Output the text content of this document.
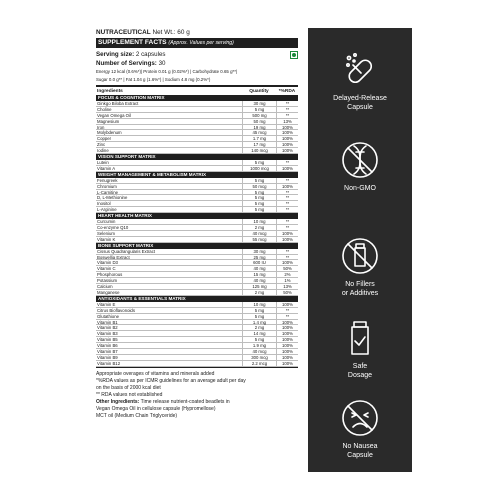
NUTRACEUTICAL Net Wt.: 60 g
SUPPLEMENT FACTS (Approx. Values per serving)
Serving size: 2 capsules
Number of Servings: 30
Energy 12 kcal (0.6%*)| Protein 0.01 g (0.02%*) | Carbohydrate 0.65 g**|
Sugar 0.0 g** | Fat 1.04 g (1.6%*) | Sodium 4.8 mg (0.2%*)
Ingredients	Quantity	*%RDA
FOCUS & COGNITION MATRIX
Ginkgo Biloba Extract	30 mg	**
Choline	5 mg	**
Vegan Omega Oil	500 mg	**
Magnesium	50 mg	13%
Iron	19 mg	100%
Molybdenum	45 mcg	100%
Copper	1.7 mg	100%
Zinc	17 mg	100%
Iodine	140 mcg	100%
VISION SUPPORT MATRIX
Lutein	5 mg	**
Vitamin A	1000 mcg	100%
WEIGHT MANAGEMENT & METABOLISM MATRIX
Fenugreek	5 mg	**
Chromium	50 mcg	100%
L-Carnitine	5 mg	**
D, L-Methionine	5 mg	**
Inositol	5 mg	**
L-Arginine	5 mg	**
HEART HEALTH MATRIX
Curcumin	10 mg	**
Co-enzyme Q10	2 mg	**
Selenium	40 mcg	100%
Vitamin K	55 mcg	100%
BONE SUPPORT MATRIX
Cissus Quadrangularis Extract	30 mg	**
Boswellia Extract	25 mg	**
Vitamin D3	600 IU	100%
Vitamin C	40 mg	50%
Phosphorous	15 mg	2%
Potassium	40 mg	1%
Calcium	125 mg	13%
Manganese	2 mg	50%
ANTIOXIDANTS & ESSENTIALS MATRIX
Vitamin E	10 mg	100%
Citrus Bioflavonoids	5 mg	**
Glutathione	5 mg	**
Vitamin B1	1.4 mg	100%
Vitamin B2	2 mg	100%
Vitamin B3	14 mg	100%
Vitamin B5	5 mg	100%
Vitamin B6	1.9 mg	100%
Vitamin B7	40 mcg	100%
Vitamin B9	300 mcg	100%
Vitamin B12	2.2 mcg	100%

Appropriate overages of vitamins and minerals added

*%RDA values as per ICMR guidelines for an average adult per day

on the basis of 2000 kcal diet

** RDA values not established

Other Ingredients: Time release nutrient-coated beadlets in

Vegan Omega Oil in cellulose capsule (Hypromellose)

MCT oil (Medium Chain Triglyceride)

Delayed-Release
Capsule
Non-GMO
No Fillers
or Additives
Safe
Dosage
No Nausea
Capsule
